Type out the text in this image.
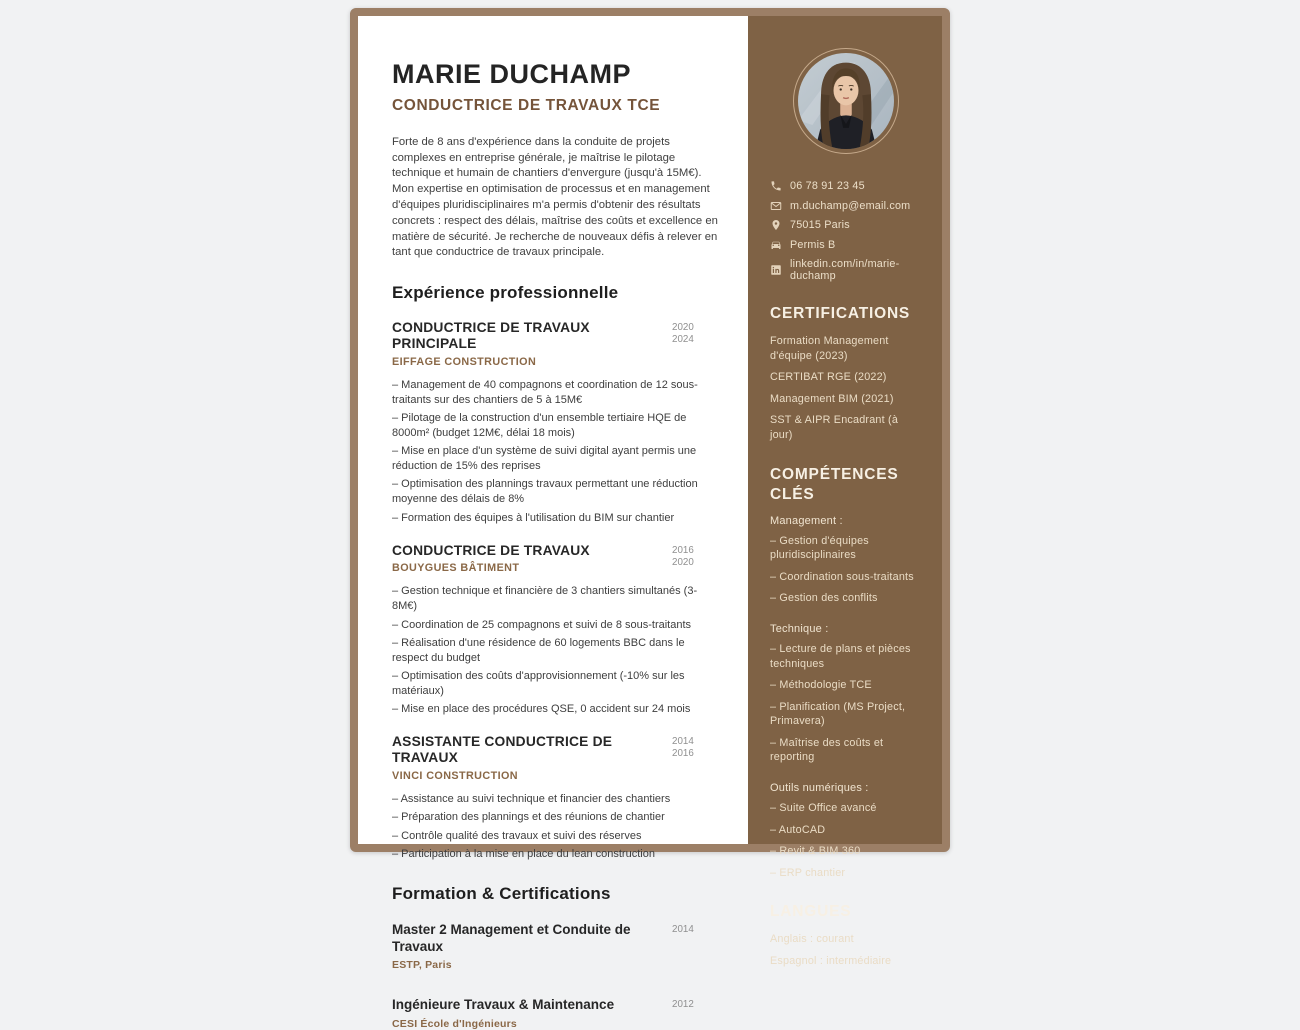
MARIE DUCHAMP
CONDUCTRICE DE TRAVAUX TCE

Forte de 8 ans d'expérience dans la conduite de projets complexes en entreprise générale, je maîtrise le pilotage technique et humain de chantiers d'envergure (jusqu'à 15M€). Mon expertise en optimisation de processus et en management d'équipes pluridisciplinaires m'a permis d'obtenir des résultats concrets : respect des délais, maîtrise des coûts et excellence en matière de sécurité. Je recherche de nouveaux défis à relever en tant que conductrice de travaux principale.

Expérience professionnelle
CONDUCTRICE DE TRAVAUX PRINCIPALE
EIFFAGE CONSTRUCTION
2020
2024

– Management de 40 compagnons et coordination de 12 sous-traitants sur des chantiers de 5 à 15M€

– Pilotage de la construction d'un ensemble tertiaire HQE de 8000m² (budget 12M€, délai 18 mois)

– Mise en place d'un système de suivi digital ayant permis une réduction de 15% des reprises

– Optimisation des plannings travaux permettant une réduction moyenne des délais de 8%

– Formation des équipes à l'utilisation du BIM sur chantier

CONDUCTRICE DE TRAVAUX
BOUYGUES BÂTIMENT
2016
2020

– Gestion technique et financière de 3 chantiers simultanés (3-8M€)

– Coordination de 25 compagnons et suivi de 8 sous-traitants

– Réalisation d'une résidence de 60 logements BBC dans le respect du budget

– Optimisation des coûts d'approvisionnement (-10% sur les matériaux)

– Mise en place des procédures QSE, 0 accident sur 24 mois

ASSISTANTE CONDUCTRICE DE TRAVAUX
VINCI CONSTRUCTION
2014
2016

– Assistance au suivi technique et financier des chantiers

– Préparation des plannings et des réunions de chantier

– Contrôle qualité des travaux et suivi des réserves

– Participation à la mise en place du lean construction

Formation & Certifications
Master 2 Management et Conduite de Travaux
ESTP, Paris
2014
Ingénieure Travaux & Maintenance
CESI École d'Ingénieurs
2012
06 78 91 23 45
m.duchamp@email.com
75015 Paris
Permis B
linkedin.com/in/marie-duchamp
CERTIFICATIONS

Formation Management d'équipe (2023)

CERTIBAT RGE (2022)

Management BIM (2021)

SST & AIPR Encadrant (à jour)

COMPÉTENCES CLÉS

Management :

– Gestion d'équipes pluridisciplinaires

– Coordination sous-traitants

– Gestion des conflits

Technique :

– Lecture de plans et pièces techniques

– Méthodologie TCE

– Planification (MS Project, Primavera)

– Maîtrise des coûts et reporting

Outils numériques :

– Suite Office avancé

– AutoCAD

– Revit & BIM 360

– ERP chantier

LANGUES

Anglais : courant

Espagnol : intermédiaire
